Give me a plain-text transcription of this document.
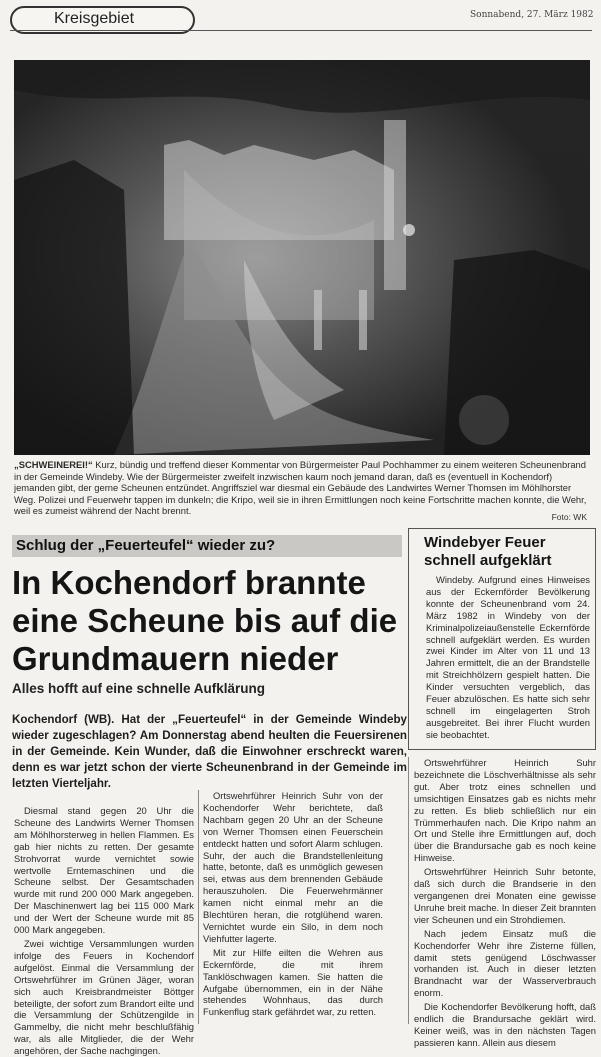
Kreisgebiet	Sonnabend, 27. März 1982
„SCHWEINEREI!“ Kurz, bündig und treffend dieser Kommentar von Bürgermeister Paul Pochhammer zu einem weiteren Scheunenbrand in der Gemeinde Windeby. Wie der Bürgermeister zweifelt inzwischen kaum noch jemand daran, daß es (eventuell in Kochendorf) jemanden gibt, der gerne Scheunen entzündet. Angriffsziel war diesmal ein Gebäude des Landwirtes Werner Thomsen im Möhlhorster Weg. Polizei und Feuerwehr tappen im dunkeln; die Kripo, weil sie in ihren Ermittlungen noch keine Fortschritte machen konnte, die Wehr, weil es zumeist während der Nacht brennt.
Foto: WK
Schlug der „Feuerteufel“ wieder zu?
In Kochendorf brannte eine Scheune bis auf die Grundmauern nieder
Alles hofft auf eine schnelle Aufklärung
Kochendorf (WB). Hat der „Feuerteufel“ in der Gemeinde Windeby wieder zugeschlagen? Am Donnerstag abend heulten die Feuersirenen in der Gemeinde. Kein Wunder, daß die Einwohner erschreckt waren, denn es war jetzt schon der vierte Scheunenbrand in der Gemeinde im letzten Vierteljahr.

Diesmal stand gegen 20 Uhr die Scheune des Landwirts Werner Thomsen am Möhlhorsterweg in hellen Flammen. Es gab hier nichts zu retten. Der gesamte Strohvorrat wurde vernichtet sowie wertvolle Erntemaschinen und die Scheune selbst. Der Gesamtschaden wurde mit rund 200 000 Mark angegeben. Der Maschinenwert lag bei 115 000 Mark und der Wert der Scheune wurde mit 85 000 Mark angegeben.

Zwei wichtige Versammlungen wurden infolge des Feuers in Kochendorf aufgelöst. Einmal die Versammlung der Ortswehrführer im Grünen Jäger, woran sich auch Kreisbrandmeister Böttger beteiligte, der sofort zum Brandort eilte und die Versammlung der Schützengilde in Gammelby, die nicht mehr beschlußfähig war, als alle Mitglieder, die der Wehr angehören, der Sache nachgingen.

Ortswehrführer Heinrich Suhr von der Kochendorfer Wehr berichtete, daß Nachbarn gegen 20 Uhr an der Scheune von Werner Thomsen einen Feuerschein entdeckt hatten und sofort Alarm schlugen. Suhr, der auch die Brandstellenleitung hatte, betonte, daß es unmöglich gewesen sei, etwas aus dem brennenden Gebäude herauszuholen. Die Feuerwehrmänner kamen nicht einmal mehr an die Blechtüren heran, die rotglühend waren. Vernichtet wurde ein Silo, in dem noch Viehfutter lagerte.

Mit zur Hilfe eilten die Wehren aus Eckernförde, die mit ihrem Tanklöschwagen kamen. Sie hatten die Aufgabe übernommen, ein in der Nähe stehendes Wohnhaus, das durch Funkenflug stark gefährdet war, zu retten.

Ortswehrführer Heinrich Suhr bezeichnete die Löschverhältnisse als sehr gut. Aber trotz eines schnellen und umsichtigen Einsatzes gab es nichts mehr zu retten. Es blieb schließlich nur ein Trümmerhaufen nach. Die Kripo nahm an Ort und Stelle ihre Ermittlungen auf, doch über die Brandursache gab es noch keine Hinweise.

Ortswehrführer Heinrich Suhr betonte, daß sich durch die Brandserie in den vergangenen drei Monaten eine gewisse Unruhe breit mache. In dieser Zeit brannten vier Scheunen und ein Strohdiemen.

Nach jedem Einsatz muß die Kochendorfer Wehr ihre Zisterne füllen, damit stets genügend Löschwasser vorhanden ist. Auch in dieser letzten Brandnacht war der Wasserverbrauch enorm.

Die Kochendorfer Bevölkerung hofft, daß endlich die Brandursache geklärt wird. Keiner weiß, was in den nächsten Tagen passieren kann. Allein aus diesem

Windebyer Feuer schnell aufgeklärt

Windeby. Aufgrund eines Hinweises aus der Eckernförder Bevölkerung konnte der Scheunenbrand vom 24. März 1982 in Windeby von der Kriminalpolizeiaußenstelle Eckernförde schnell aufgeklärt werden. Es wurden zwei Kinder im Alter von 11 und 13 Jahren ermittelt, die an der Brandstelle mit Streichhölzern gespielt hatten. Die Kinder versuchten vergeblich, das Feuer abzulöschen. Es hatte sich sehr schnell im eingelagerten Stroh ausgebreitet. Bei ihrer Flucht wurden sie beobachtet.
